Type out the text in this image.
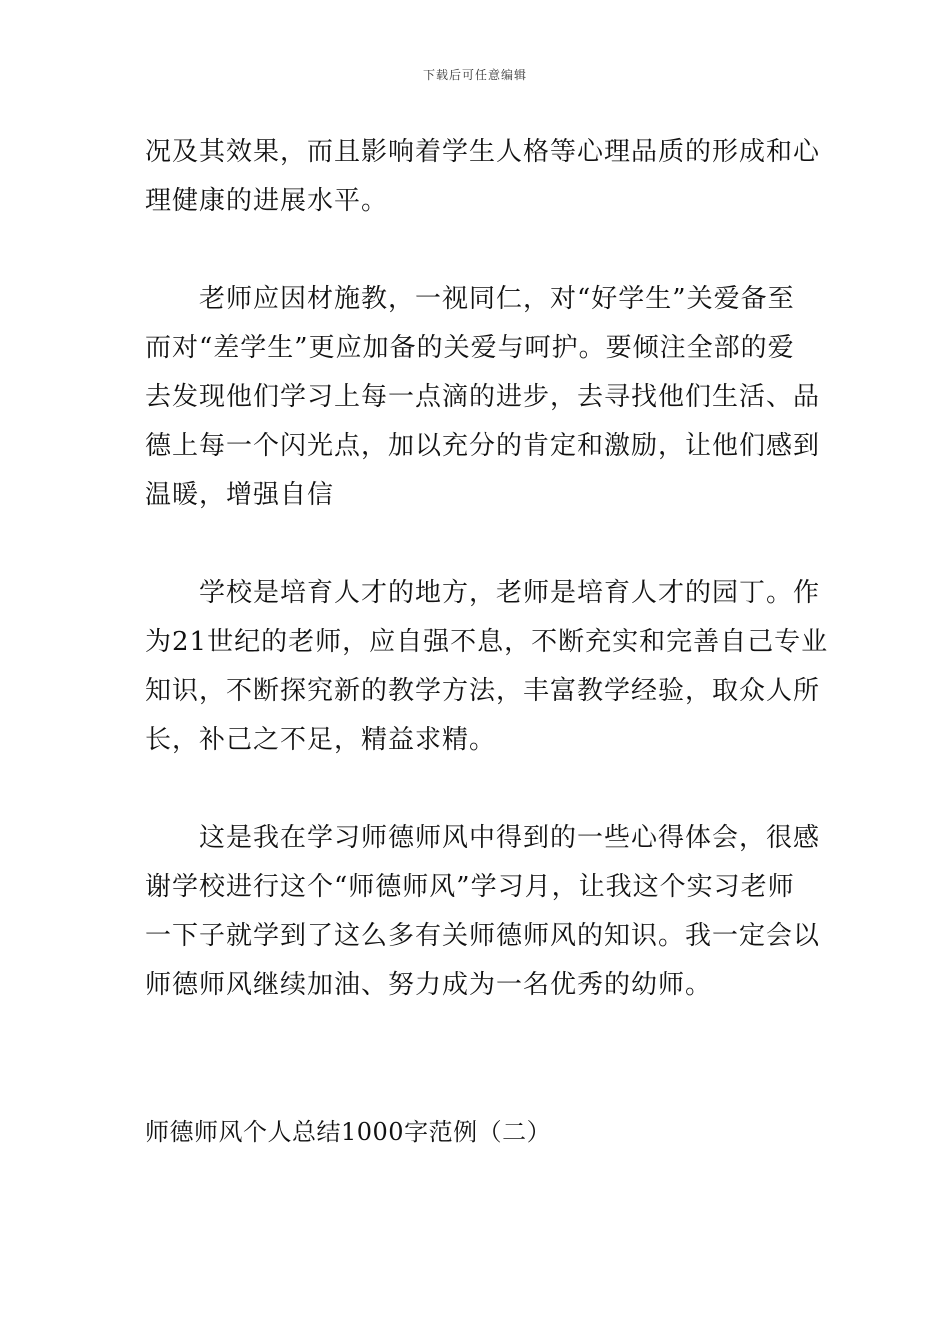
下载后可任意编辑

况及其效果，而且影响着学生人格等心理品质的形成和心
理健康的进展水平。

老师应因材施教，一视同仁，对“好学生”关爱备至
而对“差学生”更应加备的关爱与呵护。要倾注全部的爱
去发现他们学习上每一点滴的进步，去寻找他们生活、品
德上每一个闪光点，加以充分的肯定和激励，让他们感到
温暖，增强自信

学校是培育人才的地方，老师是培育人才的园丁。作
为21世纪的老师，应自强不息，不断充实和完善自己专业
知识，不断探究新的教学方法，丰富教学经验，取众人所
长，补己之不足，精益求精。

这是我在学习师德师风中得到的一些心得体会，很感
谢学校进行这个“师德师风”学习月，让我这个实习老师
一下子就学到了这么多有关师德师风的知识。我一定会以
师德师风继续加油、努力成为一名优秀的幼师。

师德师风个人总结1000字范例（二）
